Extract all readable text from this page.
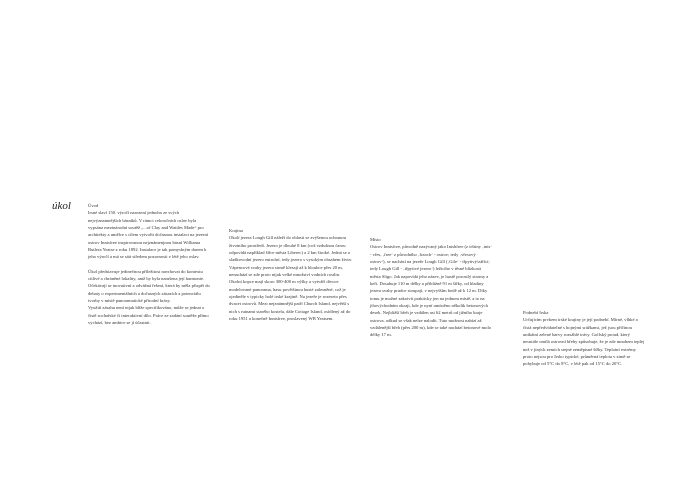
úkol	Úvod
Irsné slaví 150. výročí narození jednoho ze svých nejvýznamnějších básníků. V rámci celoročních oslav byla vypsána mezinárodní soutěž „...of Clay and Wattles Made“ pro architekty a umělce s cílem vytvořit dočasnou instalaci na jezerní ostrov Innisfree inspirovanou nejznámenjnou básní Williama Butlera Yeatse z roku 1892. Instalace je tak pomyslným darem k jeho výročí a má se stát středem pozornosti v létě jeho oslav.
Úkol představuje jedinečnou příležitost navrhovat do kontextu citlivé a chráněné lokality, aniž by byla narušena její harmonie. Očekávají se inovativní a odvážná řešení, která by měla přispět do debaty o experimentálních a dočasných zásazích a potenciálu tvorby v místě panoramatické přírodní krásy.
Využití zásahu není nijak blíže specifikováno, může se jednat o čistě sochařské či interaktivní dílo. Práce ze zadání soutěže přímo vychází, bez ambice se jí účastnit.
Krajina
Okolí jezera Lough Gill náleží do oblasti se zvýšenou ochranou životního prostředí. Jezero je dlouhé 8 km (což vzdušnou čarou odpovídá například šířce města Liberec) a 2 km široké. Jedná se o sladkovodní jezero eutrofní, tedy jezero s vysokým obsahem živin. Vápencové svahy jezera strmě klesají až k hloubce přes 20 m, nenachází se zde proto nijak velké množství vodních rostlin. Okolní kopce mají skoro 300-400 m výšky a vytváří divoce modelované panorama, hasu povětšinou husté zalesněné, což je ojediněle v typicky holé irské krajině. Na jezeře je rozeseto přes dvacet ostrovů. Mezi nejznámnější patří Church Island, největší s nich s ruinami starého kostela, dále Cottage Island, osídlený až do roku 1951 a konečně Innisfree, proslavený WB Yeatsem.
Místo
Ostrov Innisfree, původně nazývaný jako Inishfree (z irštiny ‚inis‘ - vřes, ‚free‘ z původního ‚fraoch‘ - ostrov; tedy ‚vřesový ostrov‘), se nachází na jezeře Lough Gill (‚Gile‘ - třpytivý/zářící; tedy Lough Gill - ‚třpytivé jezero‘) ležicího v těsné blízkosti města Sligo. Jak napovídá jeho název, je hustě porostlý stromy a keři. Dosahuje 110 m délky a přibližně 91 m šířky, od hladiny jezera svahy prudce stoupají, v nejvyšším bodě až k 12 m. Díky tomu je možné zakotvit prakticky jen na jednom místě, a to na jihovýchodním okraji, kde je nyní umístěno několik betonových desek. Nejbližší břeh je vzdálen asi 62 metrů od jižního kraje ostrova, odkud se však nelze nalodit. Tuto možnost nabízí až vzdálenější břeh (přes 200 m), kde se také nachází betonové molo délky 17 m.
Podnebí Irska
Určujícím prvkem irské krajiny je její podnebí. Mírné, vlhké a čistá nepředvídatelné s hojnými srážkami, jež jsou příčinou unikátní zelené barvy rozsáhlé trávy. Golfský proud, který neustále omílá ostrovní břehy způsobuje, že je zde mnohem teplej než v jiných zemích stejné zeměpisné šířky. Teplotní extrémy proto nejsou pro Irsko typické, průměrná teplota v zimě se pohybuje od 5°C do 8°C, v létě pak od 15°C do 20°C.
